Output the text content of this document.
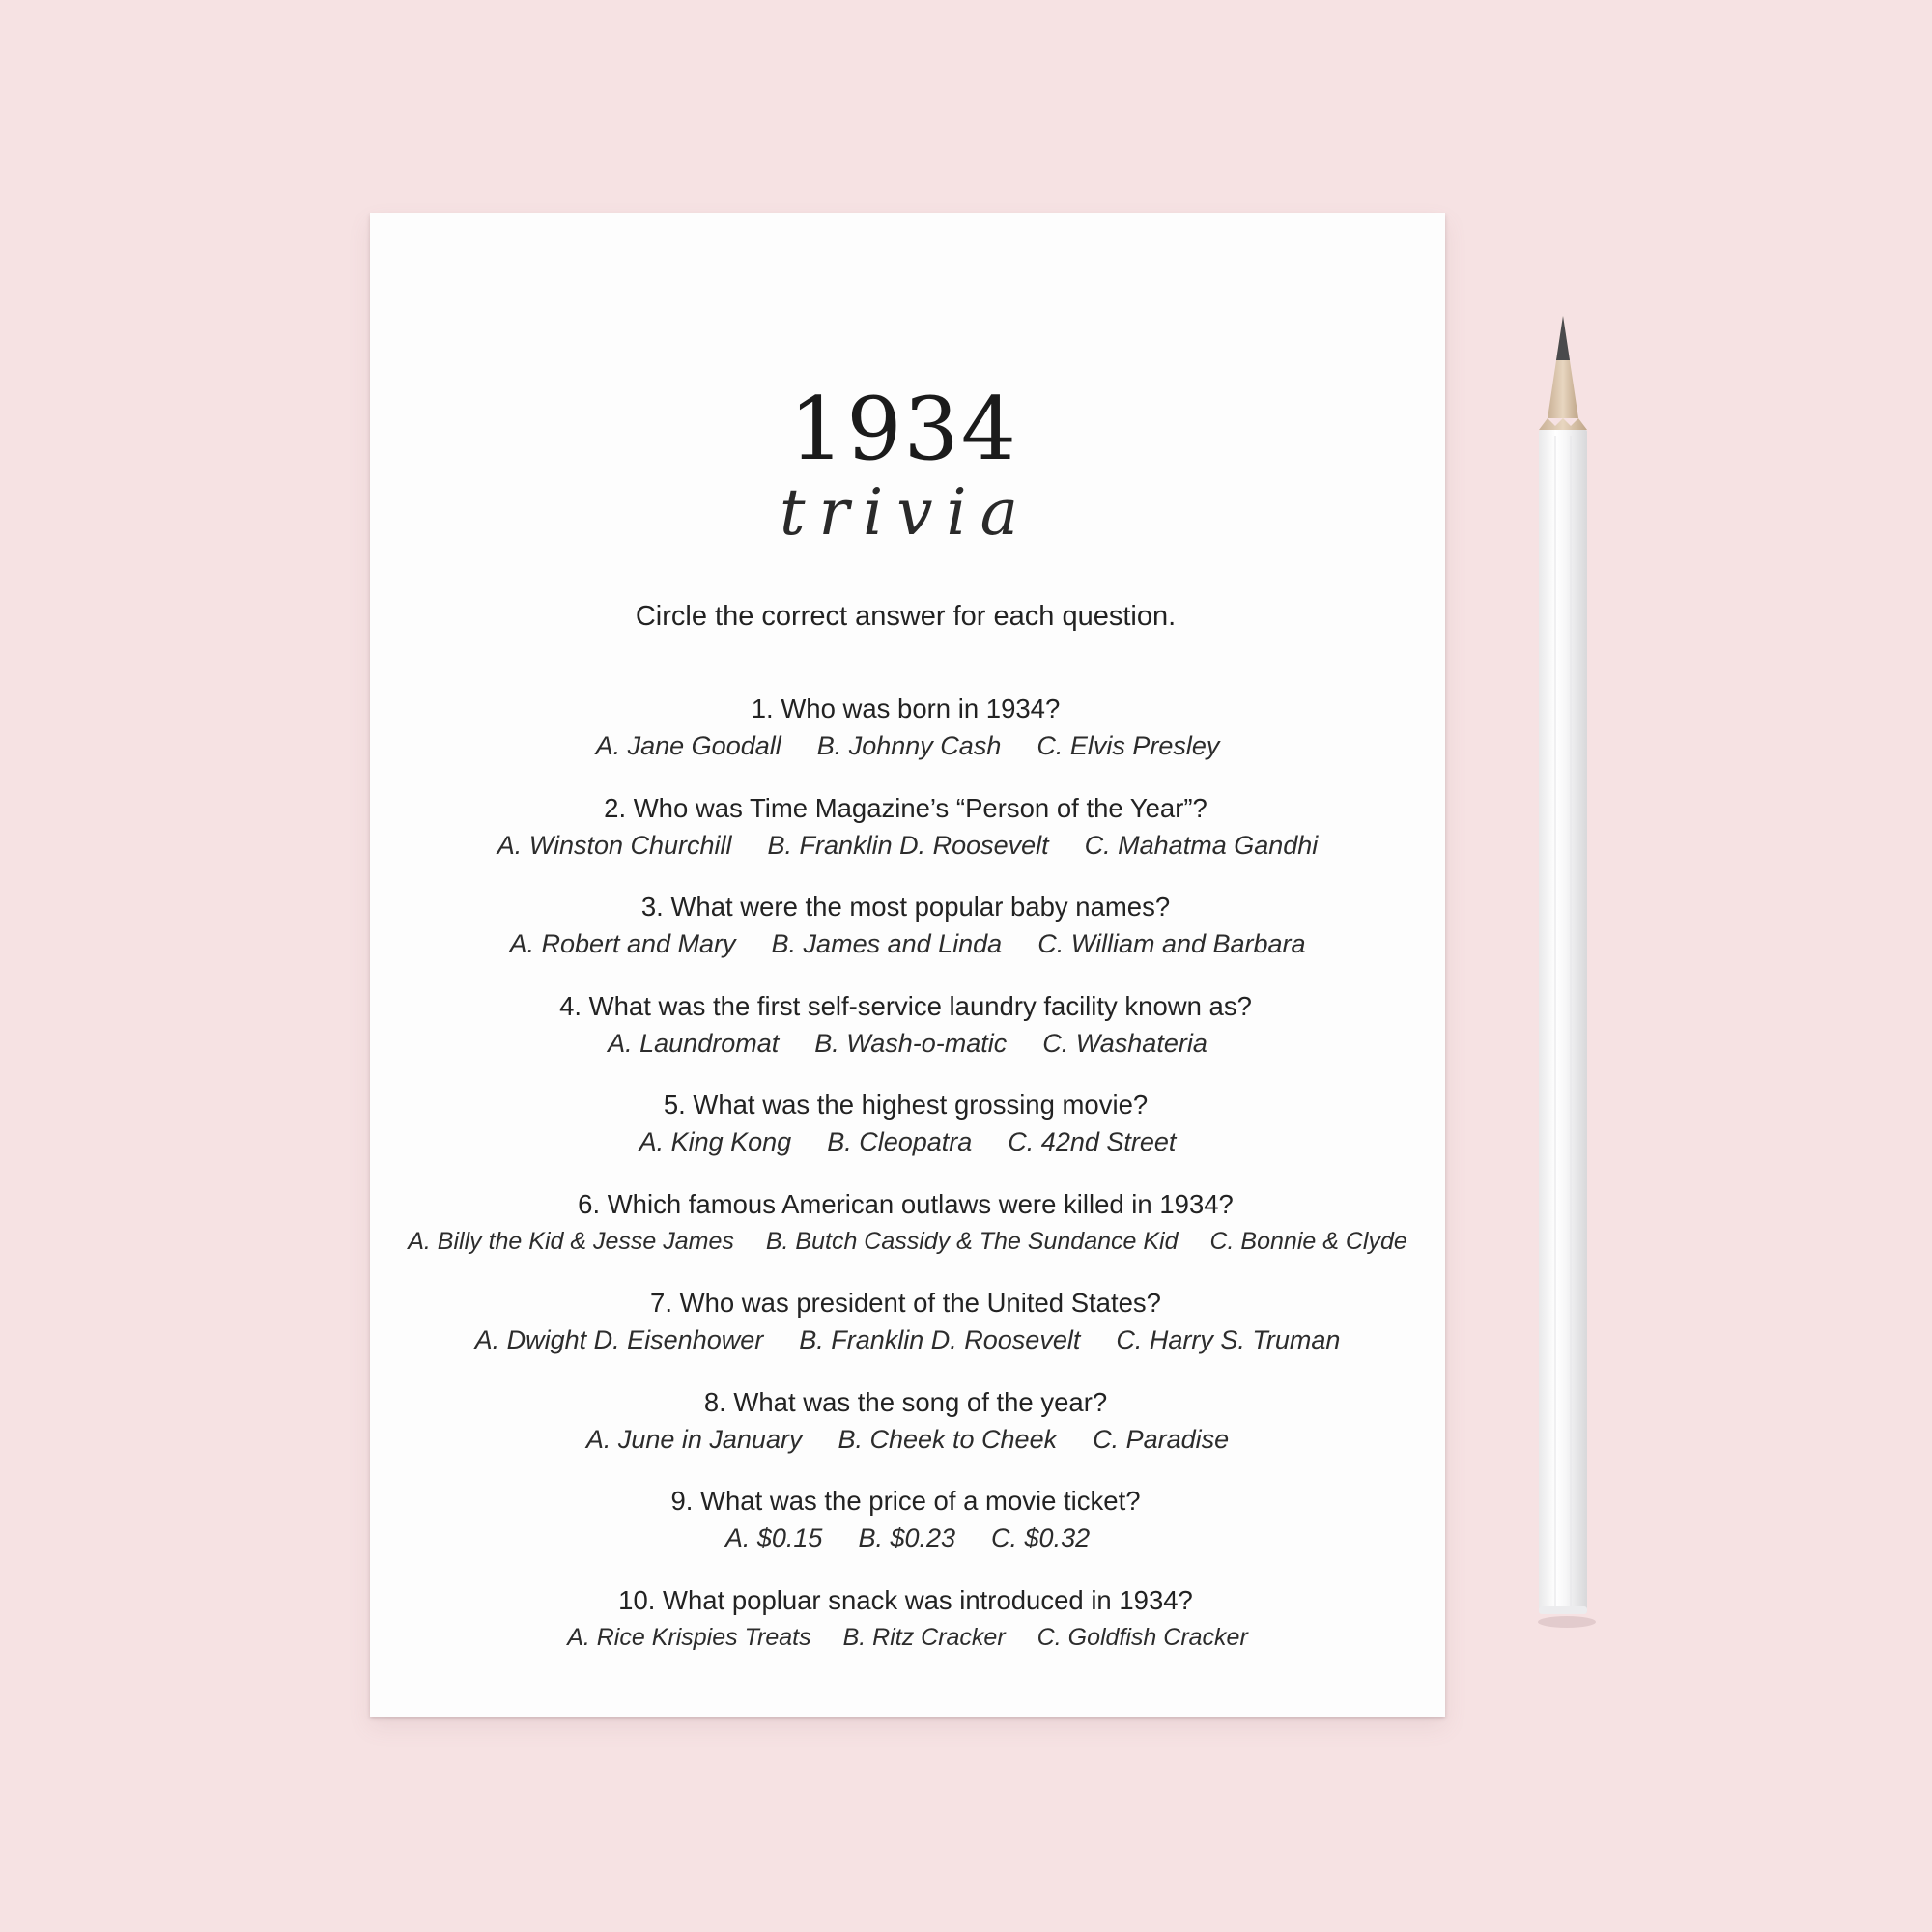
1934
trivia
Circle the correct answer for each question.
1. Who was born in 1934?
A. Jane Goodall B. Johnny Cash C. Elvis Presley
2. Who was Time Magazine’s “Person of the Year”?
A. Winston Churchill B. Franklin D. Roosevelt C. Mahatma Gandhi
3. What were the most popular baby names?
A. Robert and Mary B. James and Linda C. William and Barbara
4. What was the first self-service laundry facility known as?
A. Laundromat B. Wash-o-matic C. Washateria
5. What was the highest grossing movie?
A. King Kong B. Cleopatra C. 42nd Street
6. Which famous American outlaws were killed in 1934?
A. Billy the Kid & Jesse James B. Butch Cassidy & The Sundance Kid C. Bonnie & Clyde
7. Who was president of the United States?
A. Dwight D. Eisenhower B. Franklin D. Roosevelt C. Harry S. Truman
8. What was the song of the year?
A. June in January B. Cheek to Cheek C. Paradise
9. What was the price of a movie ticket?
A. $0.15 B. $0.23 C. $0.32
10. What popluar snack was introduced in 1934?
A. Rice Krispies Treats B. Ritz Cracker C. Goldfish Cracker
